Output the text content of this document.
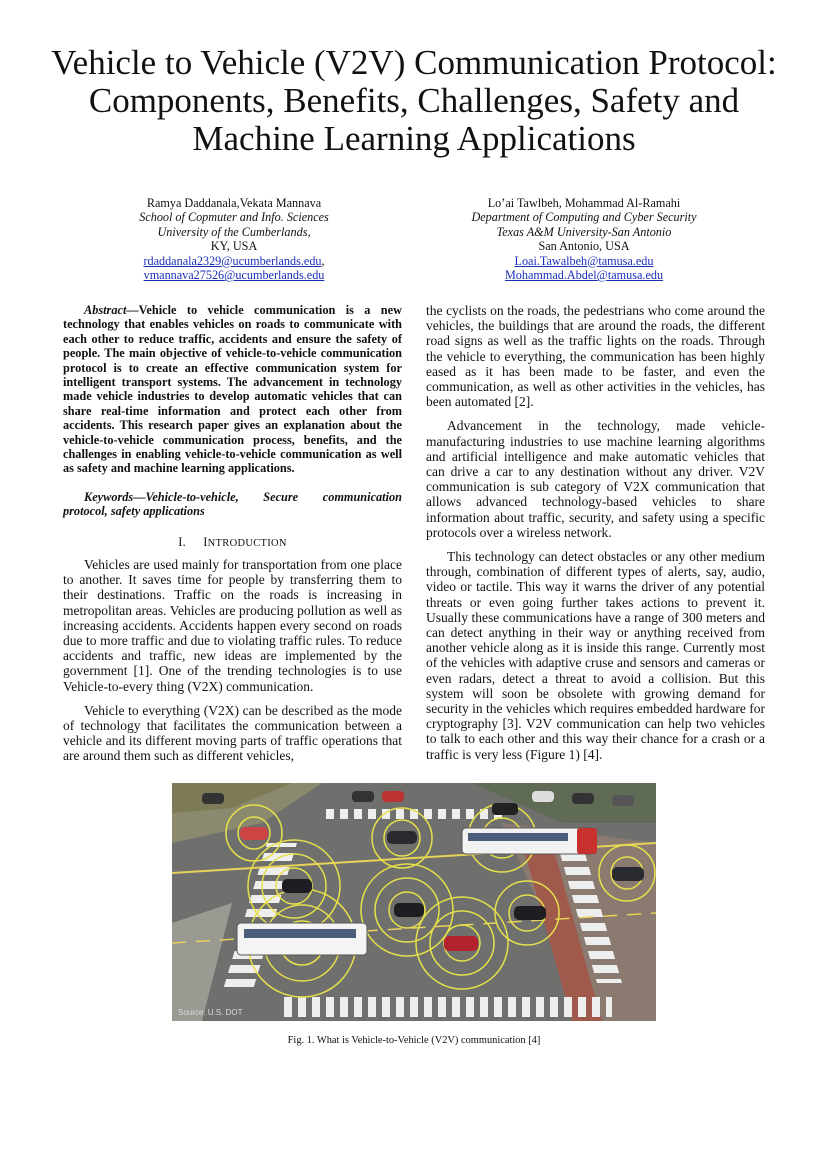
Vehicle to Vehicle (V2V) Communication Protocol: Components, Benefits, Challenges, Safety and Machine Learning Applications
Ramya Daddanala,Vekata Mannava
School of Copmuter and Info. Sciences
University of the Cumberlands,
KY, USA
rdaddanala2329@ucumberlands.edu,
vmannava27526@ucumberlands.edu
Lo’ai Tawlbeh, Mohammad Al-Ramahi
Department of Computing and Cyber Security
Texas A&M University-San Antonio
San Antonio, USA
Loai.Tawalbeh@tamusa.edu
Mohammad.Abdel@tamusa.edu

Abstract—Vehicle to vehicle communication is a new technology that enables vehicles on roads to communicate with each other to reduce traffic, accidents and ensure the safety of people. The main objective of vehicle-to-vehicle communication protocol is to create an effective communication system for intelligent transport systems. The advancement in technology made vehicle industries to develop automatic vehicles that can share real-time information and protect each other from accidents. This research paper gives an explanation about the vehicle-to-vehicle communication process, benefits, and the challenges in enabling vehicle-to-vehicle communication as well as safety and machine learning applications.

Keywords—Vehicle-to-vehicle, Secure communication protocol, safety applications

I. INTRODUCTION

Vehicles are used mainly for transportation from one place to another. It saves time for people by transferring them to their destinations. Traffic on the roads is increasing in metropolitan areas. Vehicles are producing pollution as well as increasing accidents. Accidents happen every second on roads due to more traffic and due to violating traffic rules. To reduce accidents and traffic, new ideas are implemented by the government [1]. One of the trending technologies is to use Vehicle-to-every thing (V2X) communication.

Vehicle to everything (V2X) can be described as the mode of technology that facilitates the communication between a vehicle and its different moving parts of traffic operations that are around them such as different vehicles,

the cyclists on the roads, the pedestrians who come around the vehicles, the buildings that are around the roads, the different road signs as well as the traffic lights on the roads. Through the vehicle to everything, the communication has been highly eased as it has been made to be faster, and even the communication, as well as other activities in the vehicles, has been automated [2].

Advancement in the technology, made vehicle-manufacturing industries to use machine learning algorithms and artificial intelligence and make automatic vehicles that can drive a car to any destination without any driver. V2V communication is sub category of V2X communication that allows advanced technology-based vehicles to share information about traffic, security, and safety using a specific protocols over a wireless network.

This technology can detect obstacles or any other medium through, combination of different types of alerts, say, audio, video or tactile. This way it warns the driver of any potential threats or even going further takes actions to prevent it. Usually these communications have a range of 300 meters and can detect anything in their way or anything received from another vehicle along as it is inside this range. Currently most of the vehicles with adaptive cruse and sensors and cameras or even radars, detect a threat to avoid a collision. But this system will soon be obsolete with growing demand for security in the vehicles which requires embedded hardware for cryptography [3]. V2V communication can help two vehicles to talk to each other and this way their chance for a crash or a traffic is very less (Figure 1) [4].

Source: U.S. DOT
Fig. 1. What is Vehicle-to-Vehicle (V2V) communication [4]
